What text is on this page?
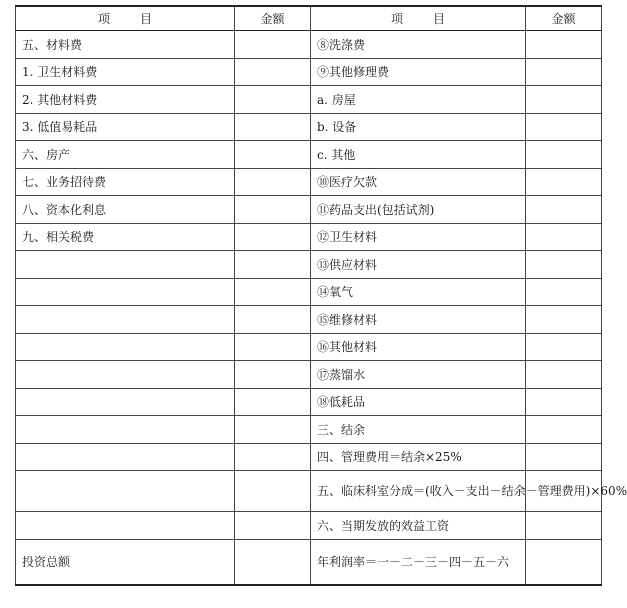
项目	金额	项目	金额
五、材料费		⑧洗涤费	
1. 卫生材料费		⑨其他修理费	
2. 其他材料费		a. 房屋	
3. 低值易耗品		b. 设备	
六、房产		c. 其他	
七、业务招待费		⑩医疗欠款	
八、资本化利息		⑪药品支出(包括试剂)	
九、相关税费		⑫卫生材料	
		⑬供应材料	
		⑭氧气	
		⑮维修材料	
		⑯其他材料	
		⑰蒸馏水	
		⑱低耗品	
		三、结余	
		四、管理费用＝结余×25%	
		五、临床科室分成＝(收入－支出－结余－管理费用)×60%	
		六、当期发放的效益工资	
投资总额		年利润率＝一－二－三－四－五－六	
